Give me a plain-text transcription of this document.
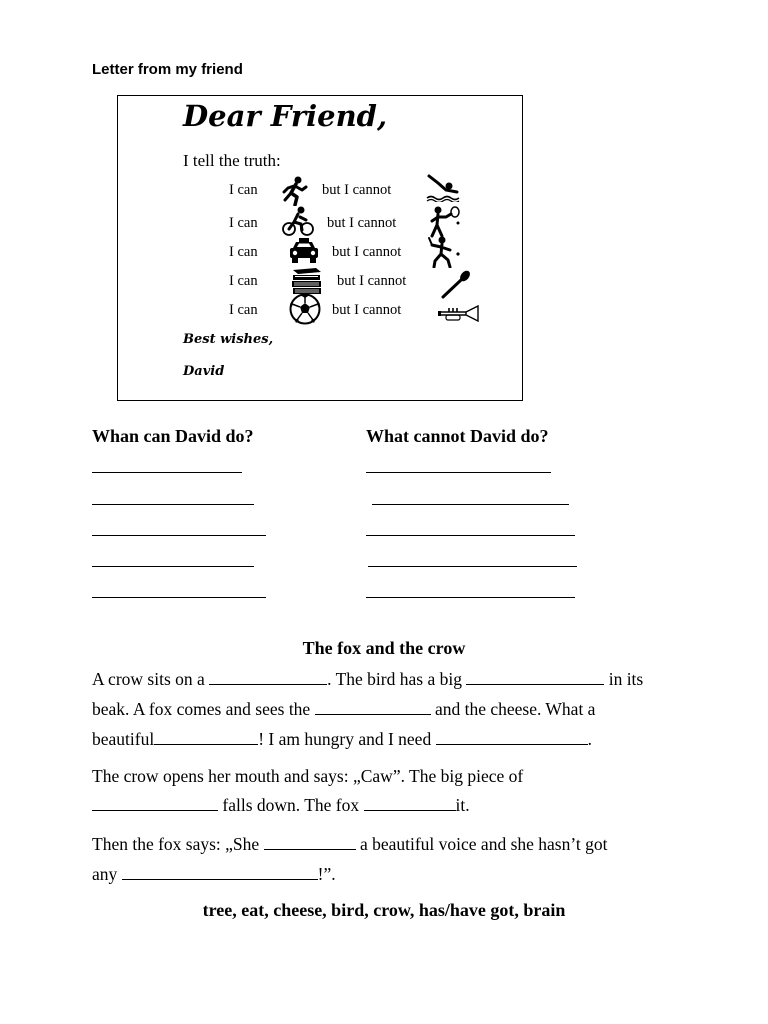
Letter from my friend
Dear Friend,
I tell the truth:
I can	but I cannot
I can	but I cannot
I can	but I cannot
I can	but I cannot
I can	but I cannot
Best wishes,
David
Whan can David do?	What cannot David do?
The fox and the crow
A crow sits on a	. The bird has a big	in its
beak. A fox comes and sees the	and the cheese. What a
beautiful	! I am hungry and I need	.
The crow opens her mouth and says: „Caw”. The big piece of
falls down. The fox	it.
Then the fox says: „She	a beautiful voice and she hasn’t got
any	!”.
tree, eat, cheese, bird, crow, has/have got, brain
